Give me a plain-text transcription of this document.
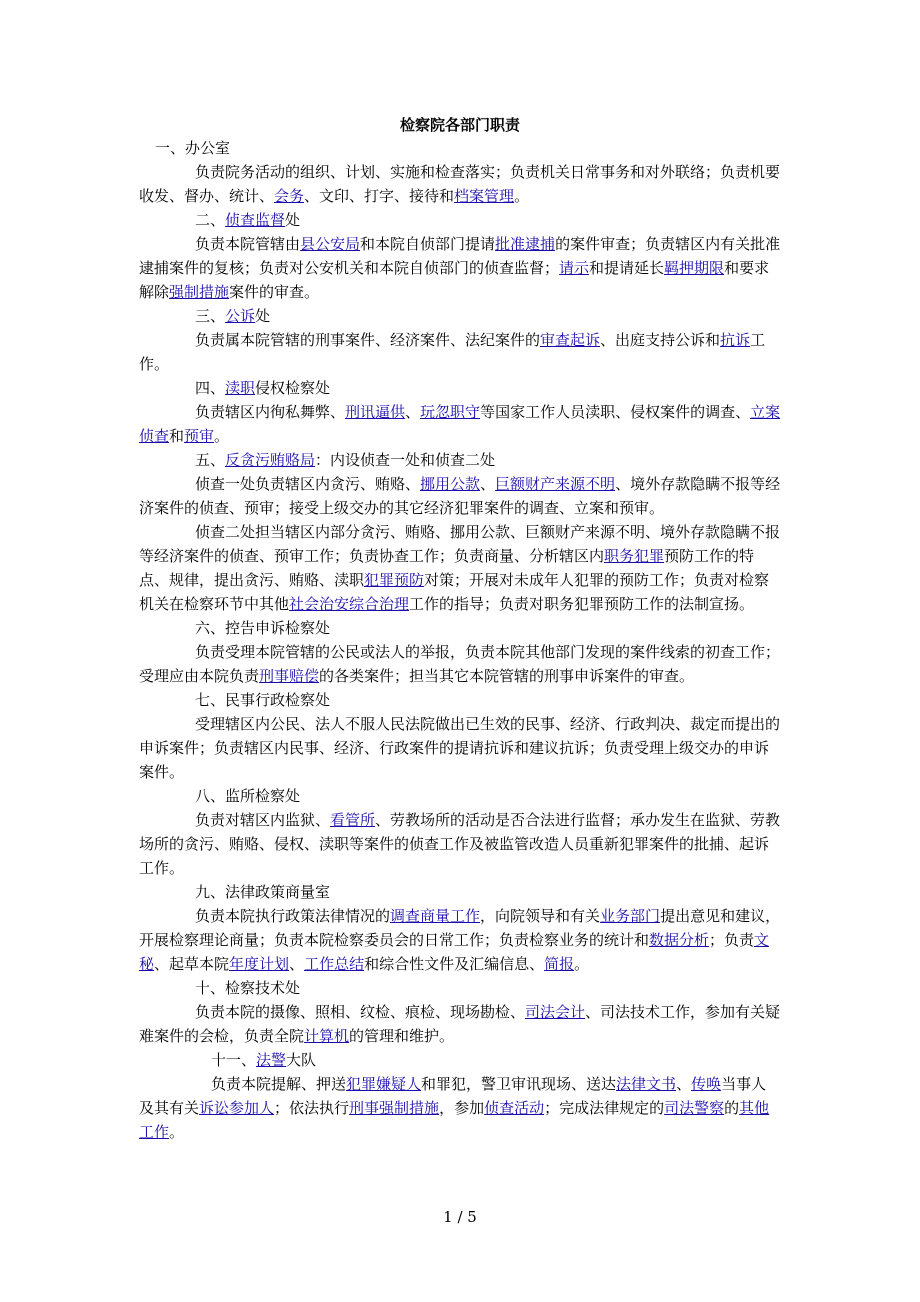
检察院各部门职责

一、办公室

负责院务活动的组织、计划、实施和检查落实；负责机关日常事务和对外联络；负责机要收发、督办、统计、会务、文印、打字、接待和档案管理。

二、侦查监督处

负责本院管辖由县公安局和本院自侦部门提请批准逮捕的案件审查；负责辖区内有关批准逮捕案件的复核；负责对公安机关和本院自侦部门的侦查监督；请示和提请延长羁押期限和要求解除强制措施案件的审查。

三、公诉处

负责属本院管辖的刑事案件、经济案件、法纪案件的审查起诉、出庭支持公诉和抗诉工作。

四、渎职侵权检察处

负责辖区内徇私舞弊、刑讯逼供、玩忽职守等国家工作人员渎职、侵权案件的调查、立案侦查和预审。

五、反贪污贿赂局：内设侦查一处和侦查二处

侦查一处负责辖区内贪污、贿赂、挪用公款、巨额财产来源不明、境外存款隐瞒不报等经济案件的侦查、预审；接受上级交办的其它经济犯罪案件的调查、立案和预审。

侦查二处担当辖区内部分贪污、贿赂、挪用公款、巨额财产来源不明、境外存款隐瞒不报等经济案件的侦查、预审工作；负责协查工作；负责商量、分析辖区内职务犯罪预防工作的特点、规律，提出贪污、贿赂、渎职犯罪预防对策；开展对未成年人犯罪的预防工作；负责对检察机关在检察环节中其他社会治安综合治理工作的指导；负责对职务犯罪预防工作的法制宣扬。

六、控告申诉检察处

负责受理本院管辖的公民或法人的举报，负责本院其他部门发现的案件线索的初查工作；受理应由本院负责刑事赔偿的各类案件；担当其它本院管辖的刑事申诉案件的审查。

七、民事行政检察处

受理辖区内公民、法人不服人民法院做出已生效的民事、经济、行政判决、裁定而提出的申诉案件；负责辖区内民事、经济、行政案件的提请抗诉和建议抗诉；负责受理上级交办的申诉案件。

八、监所检察处

负责对辖区内监狱、看管所、劳教场所的活动是否合法进行监督；承办发生在监狱、劳教场所的贪污、贿赂、侵权、渎职等案件的侦查工作及被监管改造人员重新犯罪案件的批捕、起诉工作。

九、法律政策商量室

负责本院执行政策法律情况的调查商量工作，向院领导和有关业务部门提出意见和建议，开展检察理论商量；负责本院检察委员会的日常工作；负责检察业务的统计和数据分析；负责文秘、起草本院年度计划、工作总结和综合性文件及汇编信息、简报。

十、检察技术处

负责本院的摄像、照相、纹检、痕检、现场勘检、司法会计、司法技术工作，参加有关疑难案件的会检，负责全院计算机的管理和维护。

十一、法警大队

负责本院提解、押送犯罪嫌疑人和罪犯，警卫审讯现场、送达法律文书、传唤当事人及其有关诉讼参加人；依法执行刑事强制措施，参加侦查活动；完成法律规定的司法警察的其他工作。

1 / 5
